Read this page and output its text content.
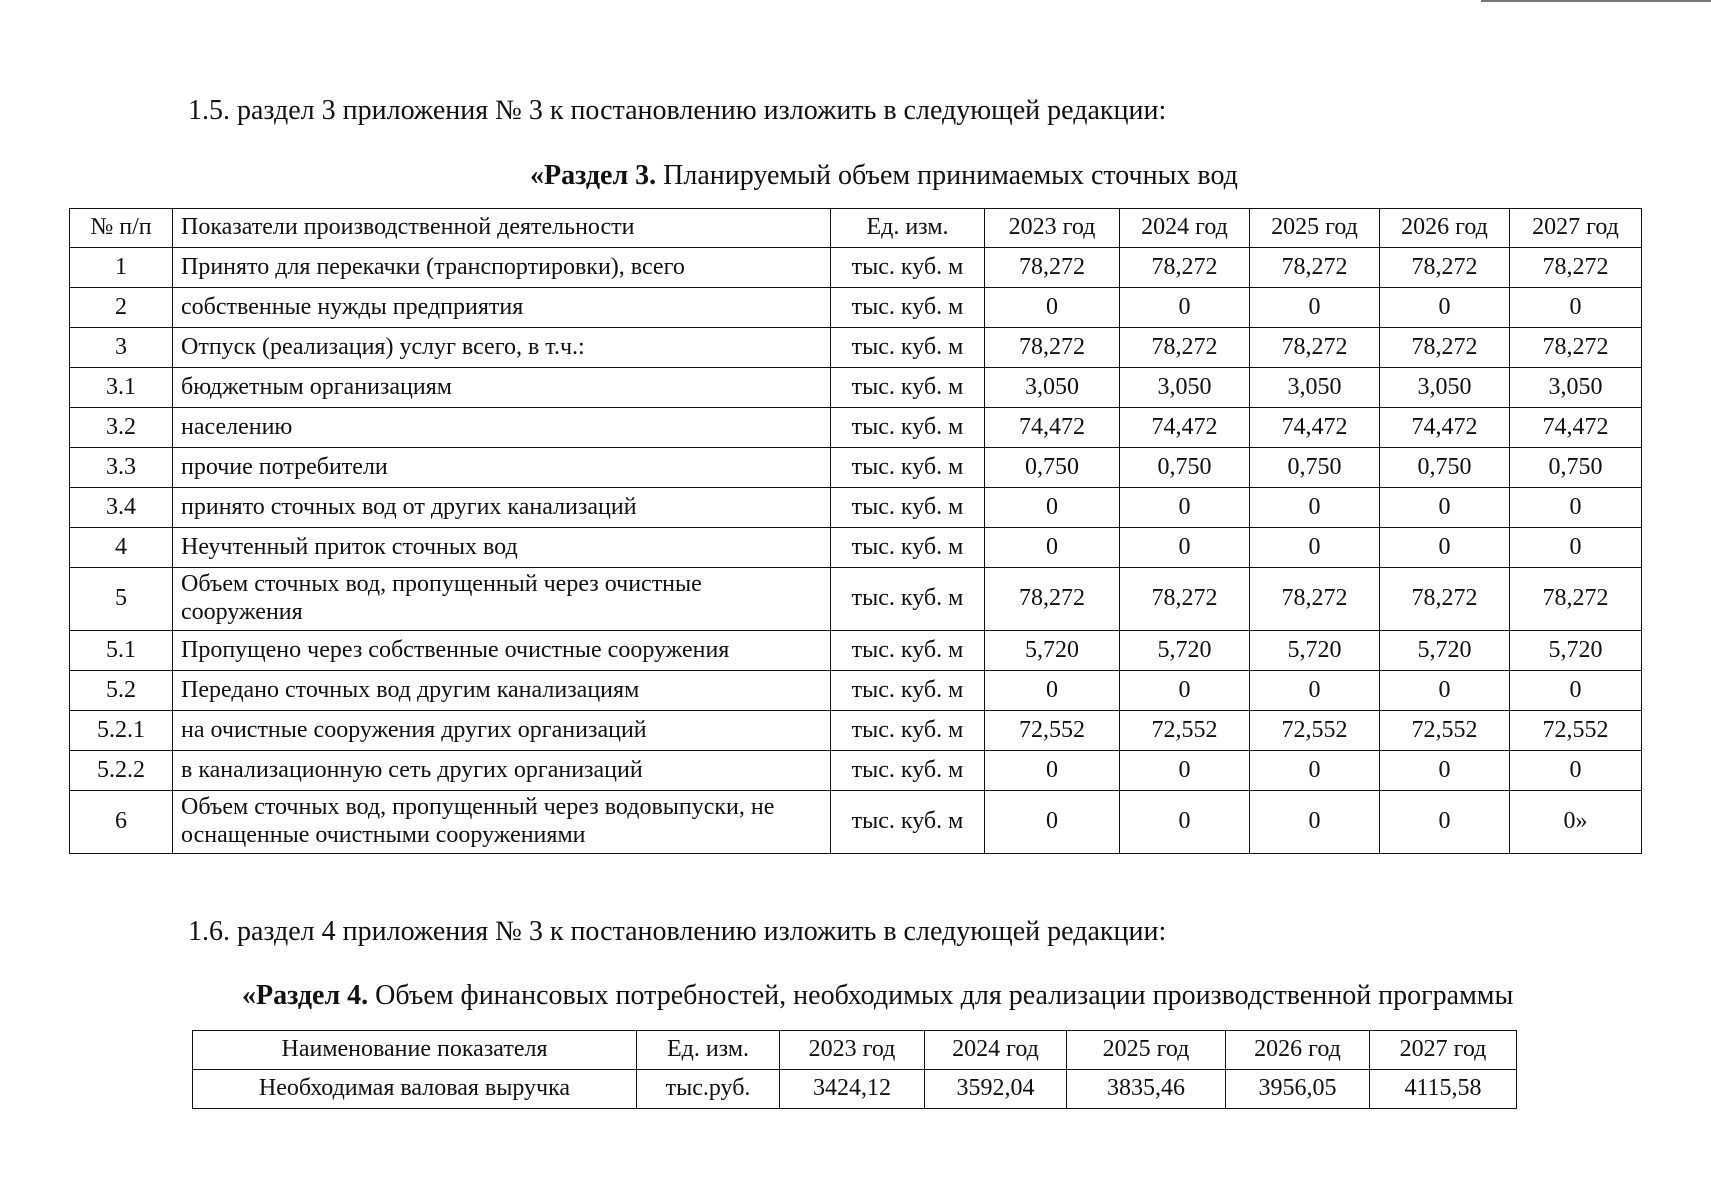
1.5. раздел 3 приложения № 3 к постановлению изложить в следующей редакции:
«Раздел 3. Планируемый объем принимаемых сточных вод
№ п/п	Показатели производственной деятельности	Ед. изм.	2023 год	2024 год	2025 год	2026 год	2027 год
1	Принято для перекачки (транспортировки), всего	тыс. куб. м	78,272	78,272	78,272	78,272	78,272
2	собственные нужды предприятия	тыс. куб. м	0	0	0	0	0
3	Отпуск (реализация) услуг всего, в т.ч.:	тыс. куб. м	78,272	78,272	78,272	78,272	78,272
3.1	бюджетным организациям	тыс. куб. м	3,050	3,050	3,050	3,050	3,050
3.2	населению	тыс. куб. м	74,472	74,472	74,472	74,472	74,472
3.3	прочие потребители	тыс. куб. м	0,750	0,750	0,750	0,750	0,750
3.4	принято сточных вод от других канализаций	тыс. куб. м	0	0	0	0	0
4	Неучтенный приток сточных вод	тыс. куб. м	0	0	0	0	0
5	Объем сточных вод, пропущенный через очистные сооружения	тыс. куб. м	78,272	78,272	78,272	78,272	78,272
5.1	Пропущено через собственные очистные сооружения	тыс. куб. м	5,720	5,720	5,720	5,720	5,720
5.2	Передано сточных вод другим канализациям	тыс. куб. м	0	0	0	0	0
5.2.1	на очистные сооружения других организаций	тыс. куб. м	72,552	72,552	72,552	72,552	72,552
5.2.2	в канализационную сеть других организаций	тыс. куб. м	0	0	0	0	0
6	Объем сточных вод, пропущенный через водовыпуски, не оснащенные очистными сооружениями	тыс. куб. м	0	0	0	0	0»
1.6. раздел 4 приложения № 3 к постановлению изложить в следующей редакции:
«Раздел 4. Объем финансовых потребностей, необходимых для реализации производственной программы
Наименование показателя	Ед. изм.	2023 год	2024 год	2025 год	2026 год	2027 год
Необходимая валовая выручка	тыс.руб.	3424,12	3592,04	3835,46	3956,05	4115,58
